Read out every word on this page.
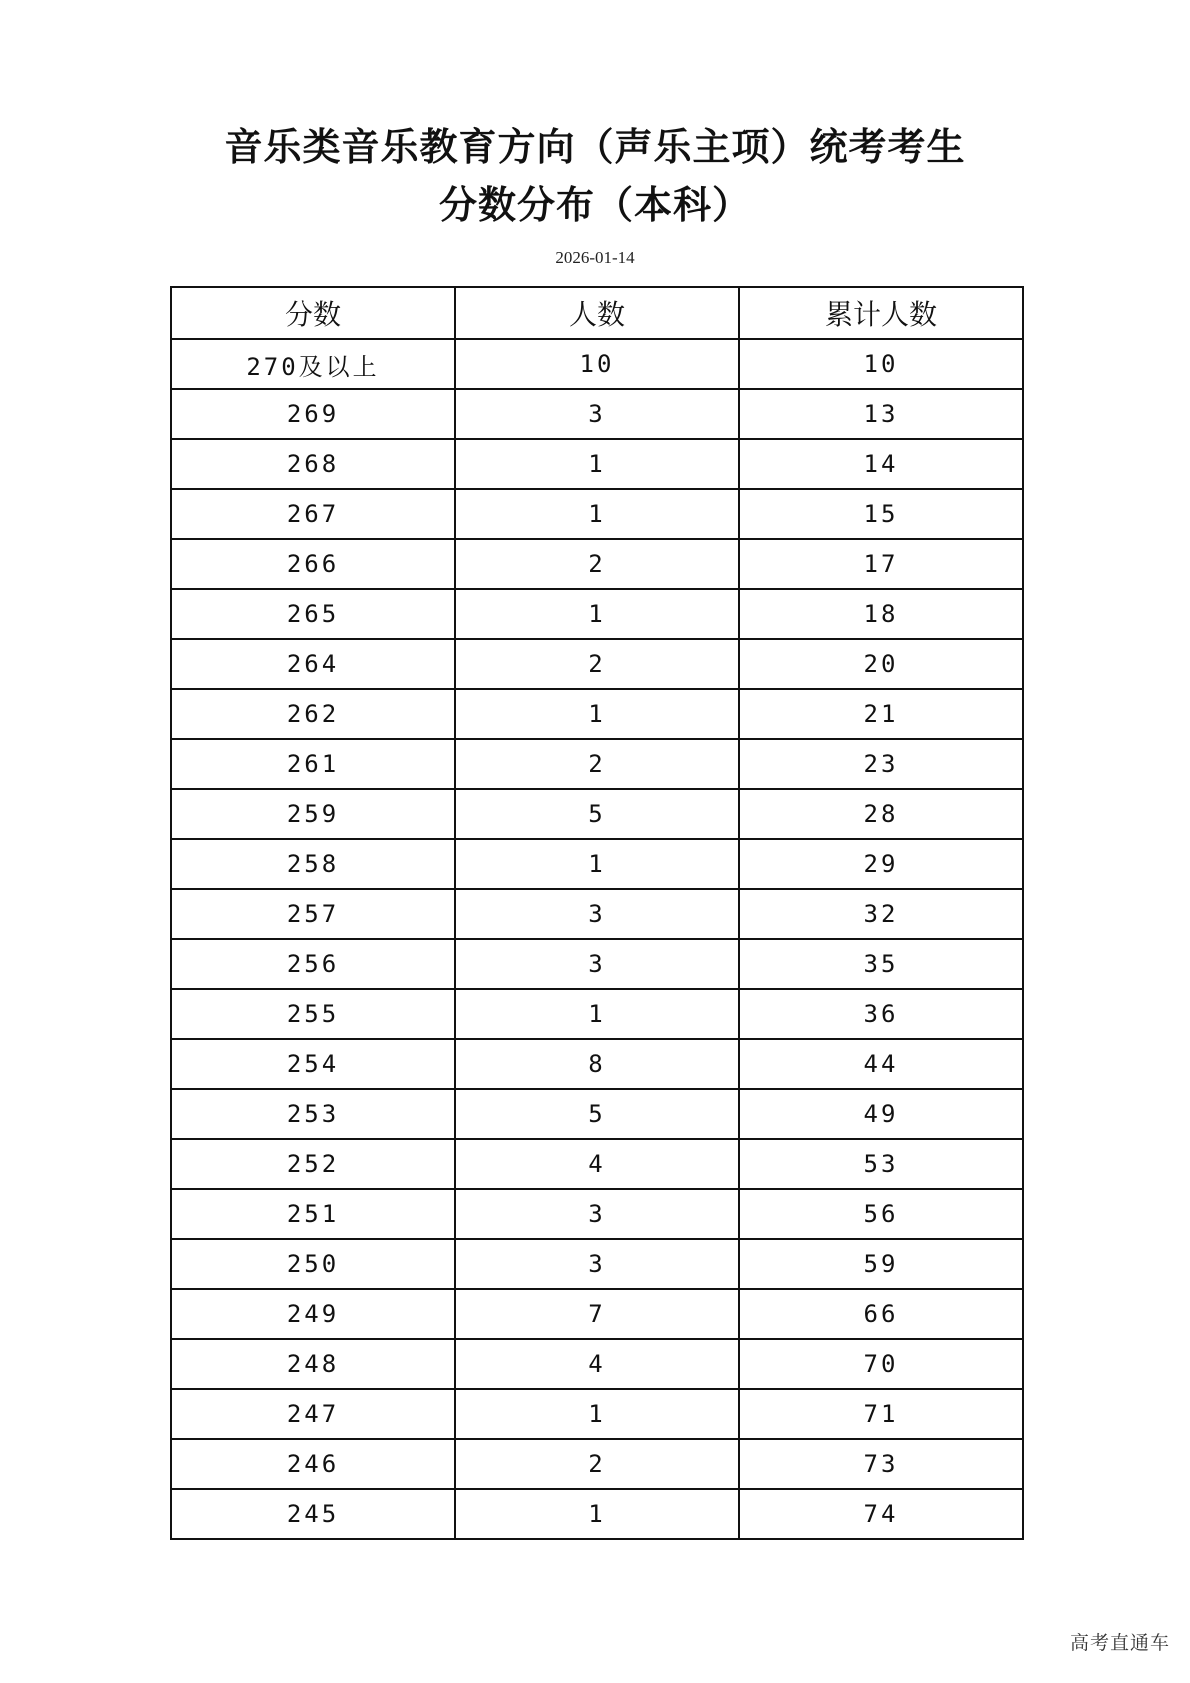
音乐类音乐教育方向（声乐主项）统考考生
分数分布（本科）
2026-01-14
分数	人数	累计人数
270及以上	10	10
269	3	13
268	1	14
267	1	15
266	2	17
265	1	18
264	2	20
262	1	21
261	2	23
259	5	28
258	1	29
257	3	32
256	3	35
255	1	36
254	8	44
253	5	49
252	4	53
251	3	56
250	3	59
249	7	66
248	4	70
247	1	71
246	2	73
245	1	74
高考直通车
